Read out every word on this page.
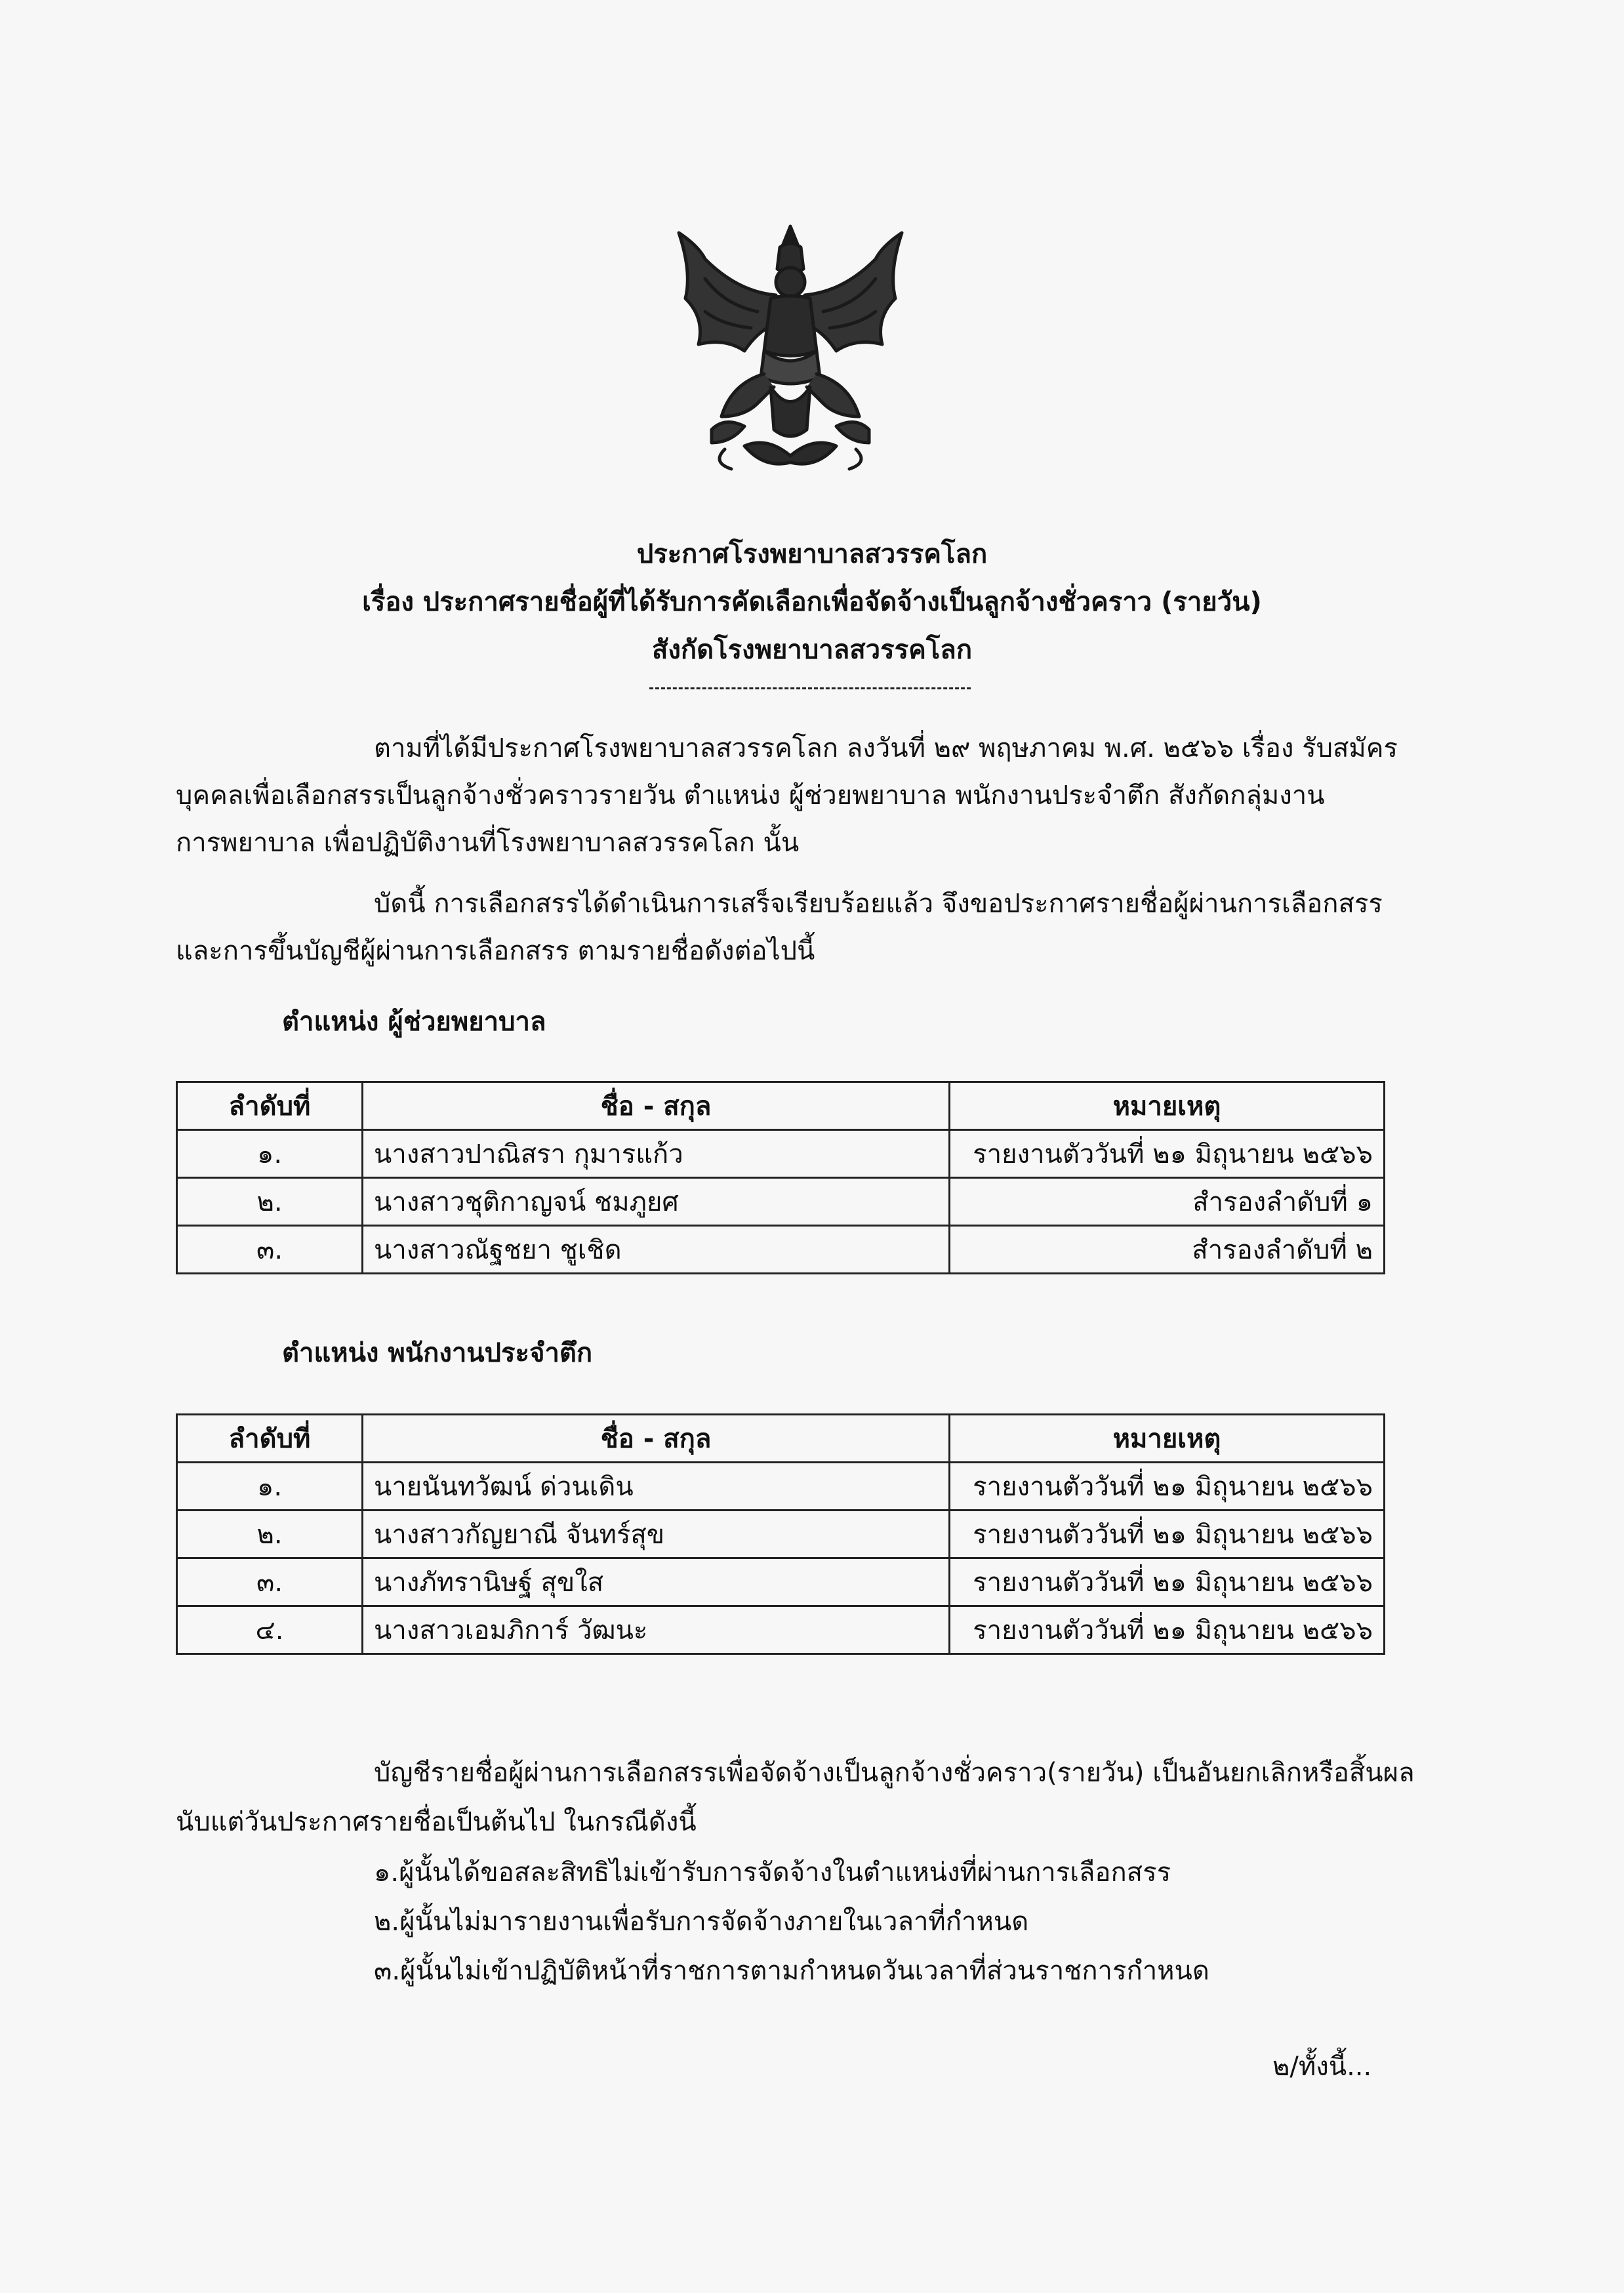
ประกาศโรงพยาบาลสวรรคโลก
เรื่อง ประกาศรายชื่อผู้ที่ได้รับการคัดเลือกเพื่อจัดจ้างเป็นลูกจ้างชั่วคราว (รายวัน)
สังกัดโรงพยาบาลสวรรคโลก
ตามที่ได้มีประกาศโรงพยาบาลสวรรคโลก ลงวันที่ ๒๙ พฤษภาคม พ.ศ. ๒๕๖๖ เรื่อง รับสมัคร
บุคคลเพื่อเลือกสรรเป็นลูกจ้างชั่วคราวรายวัน ตำแหน่ง ผู้ช่วยพยาบาล พนักงานประจำตึก สังกัดกลุ่มงาน
การพยาบาล เพื่อปฏิบัติงานที่โรงพยาบาลสวรรคโลก นั้น
บัดนี้ การเลือกสรรได้ดำเนินการเสร็จเรียบร้อยแล้ว จึงขอประกาศรายชื่อผู้ผ่านการเลือกสรร
และการขึ้นบัญชีผู้ผ่านการเลือกสรร ตามรายชื่อดังต่อไปนี้
ตำแหน่ง ผู้ช่วยพยาบาล
ลำดับที่	ชื่อ - สกุล	หมายเหตุ
๑.	นางสาวปาณิสรา กุมารแก้ว	รายงานตัววันที่ ๒๑ มิถุนายน ๒๕๖๖
๒.	นางสาวชุติกาญจน์ ชมภูยศ	สำรองลำดับที่ ๑
๓.	นางสาวณัฐชยา ชูเชิด	สำรองลำดับที่ ๒
ตำแหน่ง พนักงานประจำตึก
ลำดับที่	ชื่อ - สกุล	หมายเหตุ
๑.	นายนันทวัฒน์ ด่วนเดิน	รายงานตัววันที่ ๒๑ มิถุนายน ๒๕๖๖
๒.	นางสาวกัญยาณี จันทร์สุข	รายงานตัววันที่ ๒๑ มิถุนายน ๒๕๖๖
๓.	นางภัทรานิษฐ์ สุขใส	รายงานตัววันที่ ๒๑ มิถุนายน ๒๕๖๖
๔.	นางสาวเอมภิการ์ วัฒนะ	รายงานตัววันที่ ๒๑ มิถุนายน ๒๕๖๖
บัญชีรายชื่อผู้ผ่านการเลือกสรรเพื่อจัดจ้างเป็นลูกจ้างชั่วคราว(รายวัน) เป็นอันยกเลิกหรือสิ้นผล
นับแต่วันประกาศรายชื่อเป็นต้นไป ในกรณีดังนี้
๑.ผู้นั้นได้ขอสละสิทธิไม่เข้ารับการจัดจ้างในตำแหน่งที่ผ่านการเลือกสรร
๒.ผู้นั้นไม่มารายงานเพื่อรับการจัดจ้างภายในเวลาที่กำหนด
๓.ผู้นั้นไม่เข้าปฏิบัติหน้าที่ราชการตามกำหนดวันเวลาที่ส่วนราชการกำหนด
๒/ทั้งนี้...
